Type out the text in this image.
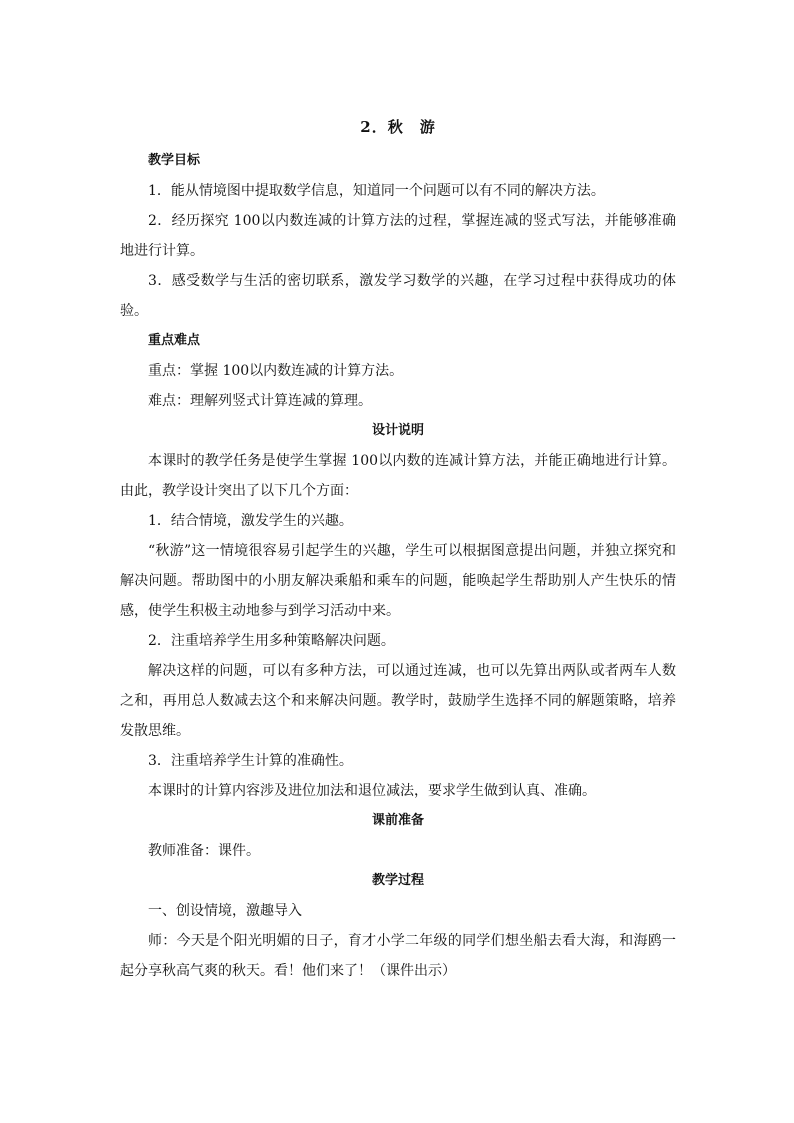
2．秋　游
教学目标

1．能从情境图中提取数学信息，知道同一个问题可以有不同的解决方法。

2．经历探究 100以内数连减的计算方法的过程，掌握连减的竖式写法，并能够准确地进行计算。

3．感受数学与生活的密切联系，激发学习数学的兴趣，在学习过程中获得成功的体验。

重点难点

重点：掌握 100以内数连减的计算方法。

难点：理解列竖式计算连减的算理。

设计说明

本课时的教学任务是使学生掌握 100以内数的连减计算方法，并能正确地进行计算。由此，教学设计突出了以下几个方面：

1．结合情境，激发学生的兴趣。

“秋游”这一情境很容易引起学生的兴趣，学生可以根据图意提出问题，并独立探究和解决问题。帮助图中的小朋友解决乘船和乘车的问题，能唤起学生帮助别人产生快乐的情感，使学生积极主动地参与到学习活动中来。

2．注重培养学生用多种策略解决问题。

解决这样的问题，可以有多种方法，可以通过连减，也可以先算出两队或者两车人数之和，再用总人数减去这个和来解决问题。教学时，鼓励学生选择不同的解题策略，培养发散思维。

3．注重培养学生计算的准确性。

本课时的计算内容涉及进位加法和退位减法，要求学生做到认真、准确。

课前准备

教师准备：课件。

教学过程

一、创设情境，激趣导入

师：今天是个阳光明媚的日子，育才小学二年级的同学们想坐船去看大海，和海鸥一起分享秋高气爽的秋天。看！他们来了！（课件出示）
